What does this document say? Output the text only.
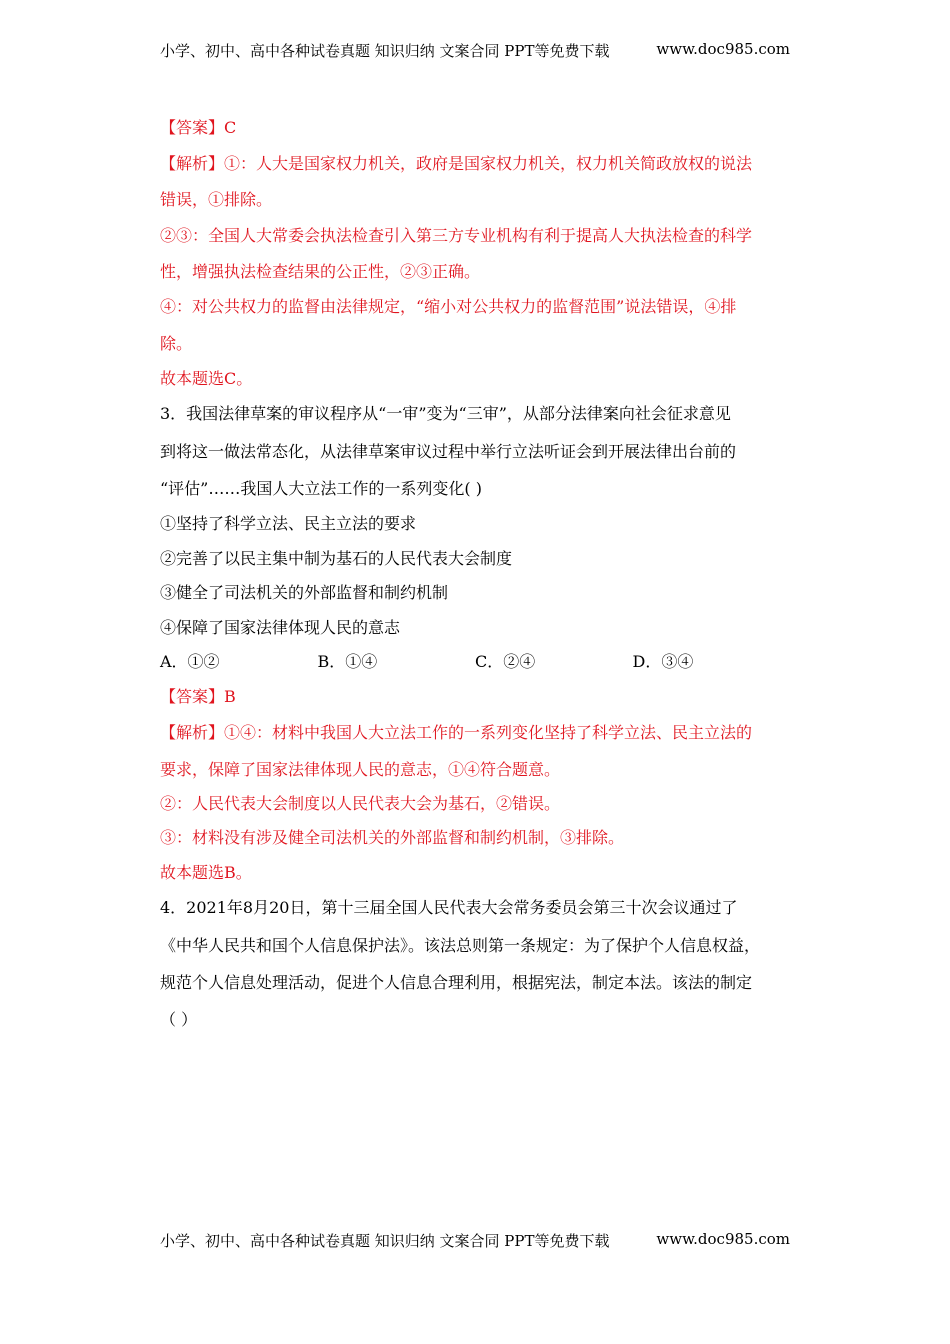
小学、初中、高中各种试卷真题 知识归纳 文案合同 PPT等免费下载	www.doc985.com
【答案】C
【解析】①：人大是国家权力机关，政府是国家权力机关，权力机关简政放权的说法
错误，①排除。
②③：全国人大常委会执法检查引入第三方专业机构有利于提高人大执法检查的科学
性，增强执法检查结果的公正性，②③正确。
④：对公共权力的监督由法律规定，“缩小对公共权力的监督范围”说法错误，④排
除。
故本题选C。
3．我国法律草案的审议程序从“一审”变为“三审”，从部分法律案向社会征求意见
到将这一做法常态化，从法律草案审议过程中举行立法听证会到开展法律出台前的
“评估”……我国人大立法工作的一系列变化( )
①坚持了科学立法、民主立法的要求
②完善了以民主集中制为基石的人民代表大会制度
③健全了司法机关的外部监督和制约机制
④保障了国家法律体现人民的意志
A．①②	B．①④	C．②④	D．③④
【答案】B
【解析】①④：材料中我国人大立法工作的一系列变化坚持了科学立法、民主立法的
要求，保障了国家法律体现人民的意志，①④符合题意。
②：人民代表大会制度以人民代表大会为基石，②错误。
③：材料没有涉及健全司法机关的外部监督和制约机制，③排除。
故本题选B。
4．2021年8月20日，第十三届全国人民代表大会常务委员会第三十次会议通过了
《中华人民共和国个人信息保护法》。该法总则第一条规定：为了保护个人信息权益，
规范个人信息处理活动，促进个人信息合理利用，根据宪法，制定本法。该法的制定
（ ）
小学、初中、高中各种试卷真题 知识归纳 文案合同 PPT等免费下载	www.doc985.com
